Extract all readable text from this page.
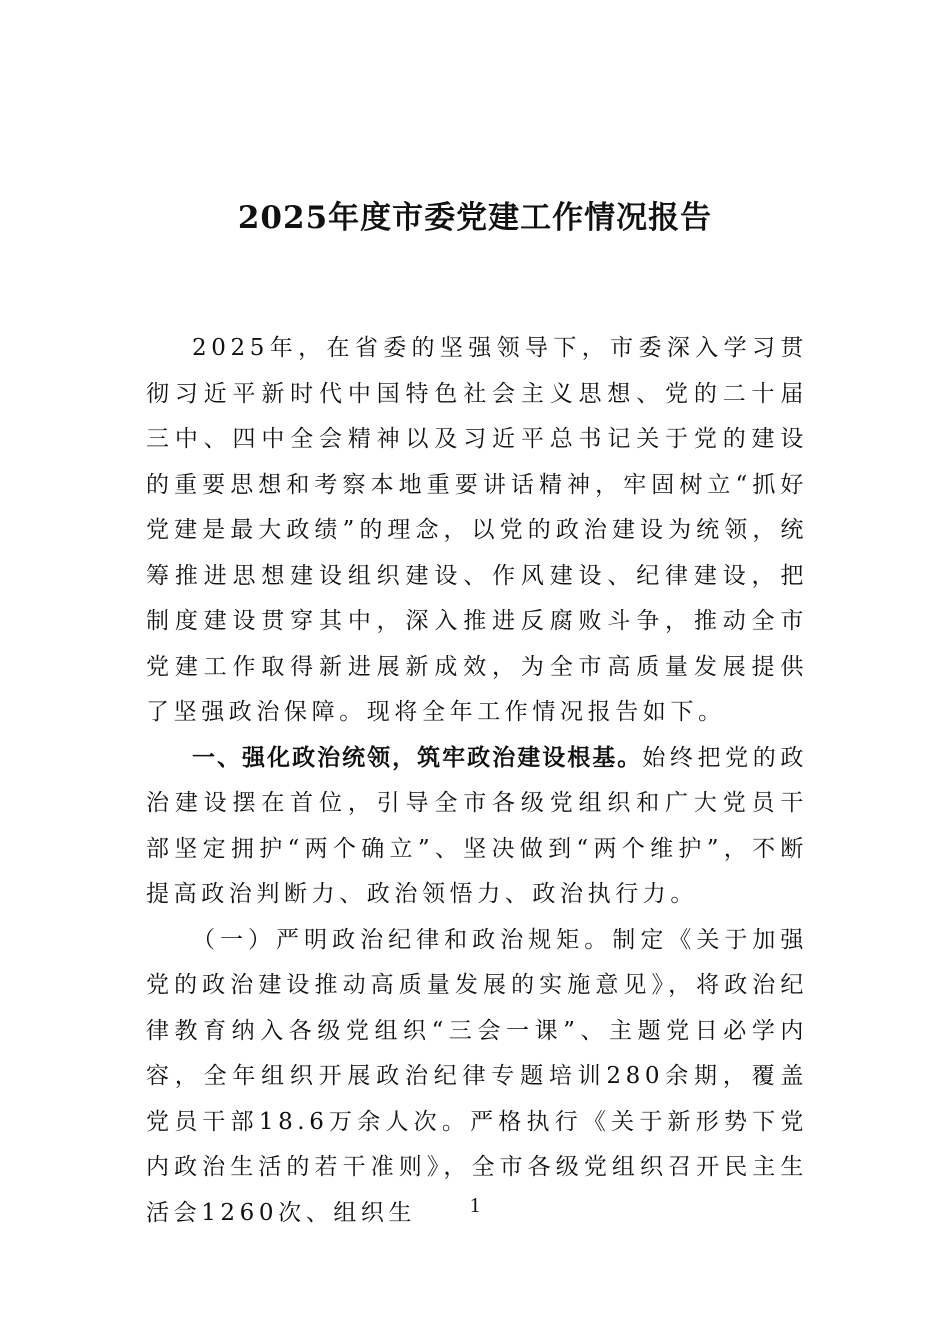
2025年度市委党建工作情况报告

2025年，在省委的坚强领导下，市委深入学习贯彻习近平新时代中国特色社会主义思想、党的二十届三中、四中全会精神以及习近平总书记关于党的建设的重要思想和考察本地重要讲话精神，牢固树立“抓好党建是最大政绩”的理念，以党的政治建设为统领，统筹推进思想建设组织建设、作风建设、纪律建设，把制度建设贯穿其中，深入推进反腐败斗争，推动全市党建工作取得新进展新成效，为全市高质量发展提供了坚强政治保障。现将全年工作情况报告如下。

一、强化政治统领，筑牢政治建设根基。始终把党的政治建设摆在首位，引导全市各级党组织和广大党员干部坚定拥护“两个确立”、坚决做到“两个维护”，不断提高政治判断力、政治领悟力、政治执行力。

（一）严明政治纪律和政治规矩。制定《关于加强党的政治建设推动高质量发展的实施意见》，将政治纪律教育纳入各级党组织“三会一课”、主题党日必学内容，全年组织开展政治纪律专题培训280余期，覆盖党员干部18.6万余人次。严格执行《关于新形势下党内政治生活的若干准则》，全市各级党组织召开民主生活会1260次、组织生	1
